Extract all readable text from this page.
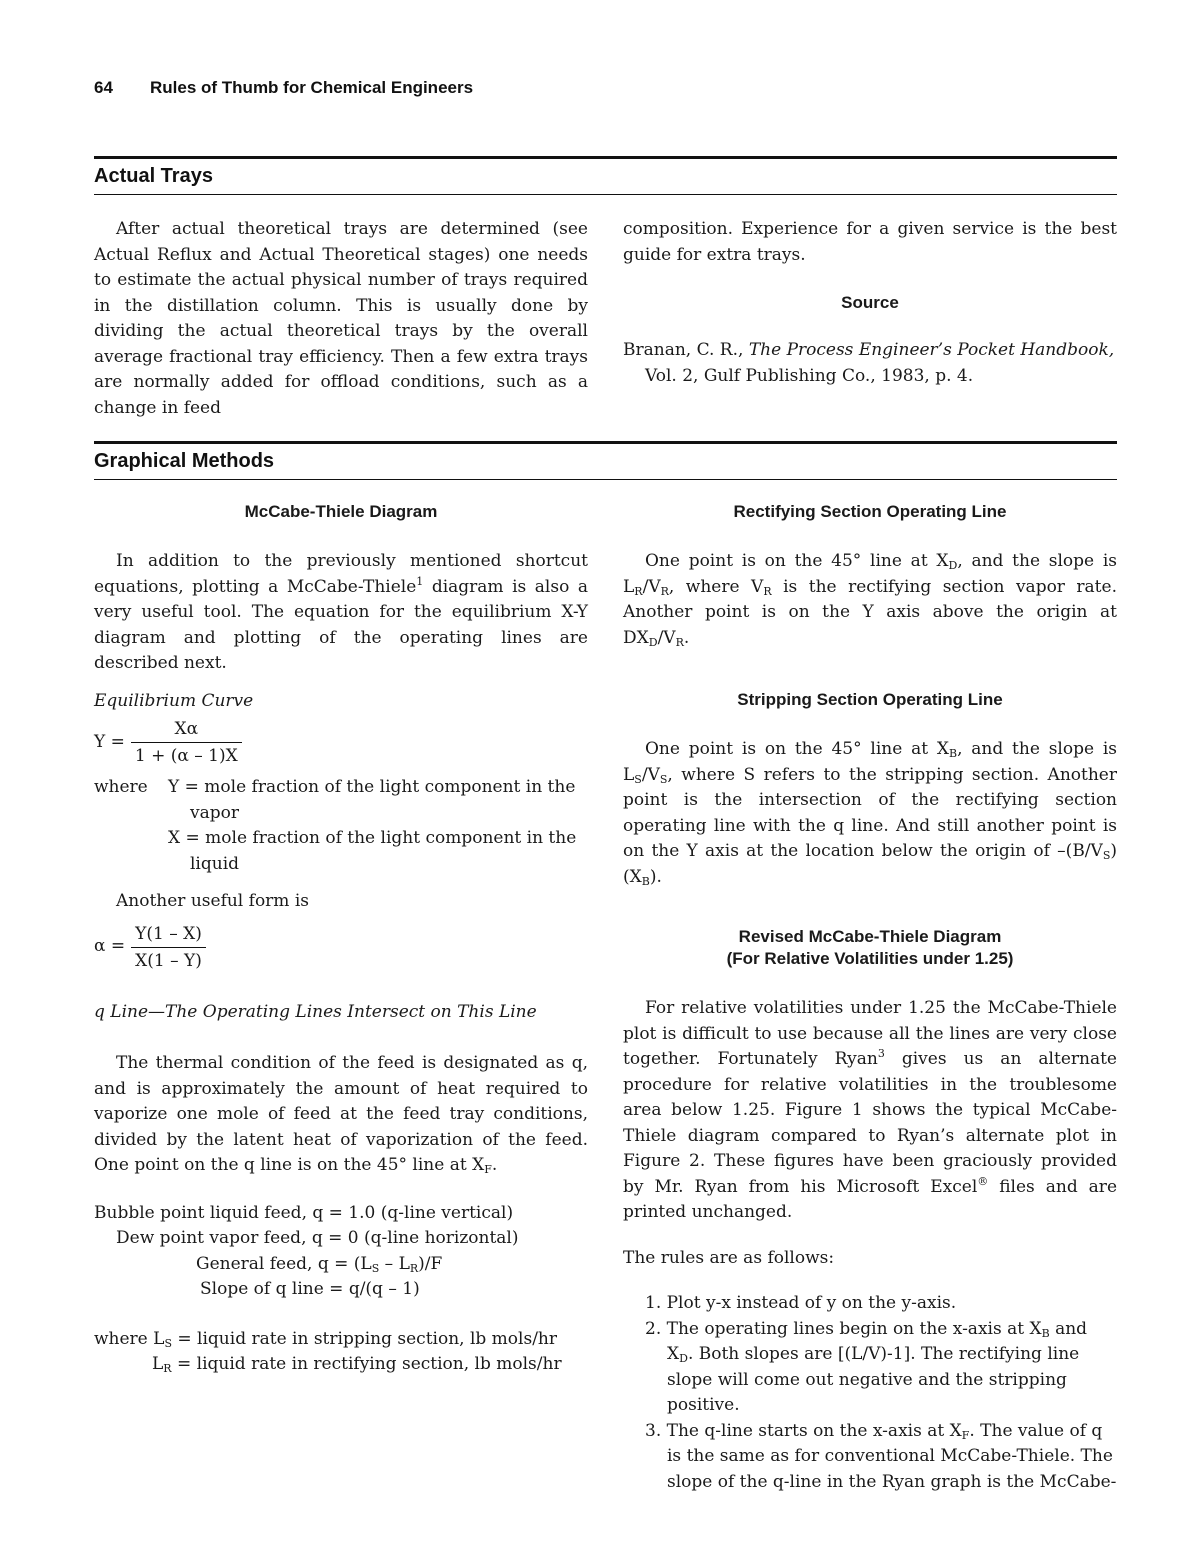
64 Rules of Thumb for Chemical Engineers
Actual Trays

After actual theoretical trays are determined (see Actual Reflux and Actual Theoretical stages) one needs to estimate the actual physical number of trays required in the distillation column. This is usually done by dividing the actual theoretical trays by the overall average fractional tray efficiency. Then a few extra trays are normally added for offload conditions, such as a change in feed

composition. Experience for a given service is the best guide for extra trays.

Source

Branan, C. R., The Process Engineer’s Pocket Handbook,
Vol. 2, Gulf Publishing Co., 1983, p. 4.

Graphical Methods

McCabe-Thiele Diagram

In addition to the previously mentioned shortcut equations, plotting a McCabe-Thiele$^1$ diagram is also a very useful tool. The equation for the equilibrium X-Y diagram and plotting of the operating lines are described next.

Equilibrium Curve

$Y = \frac{X\alpha}{1 + (\alpha - 1)X}$
where	Y = mole fraction of the light component in the vapor
X = mole fraction of the light component in the liquid

Another useful form is

$\alpha = \frac{Y(1 - X)}{X(1 - Y)}$

q Line—The Operating Lines Intersect on This Line

The thermal condition of the feed is designated as q, and is approximately the amount of heat required to vaporize one mole of feed at the feed tray conditions, divided by the latent heat of vaporization of the feed. One point on the q line is on the 45° line at $X_F$.

Bubble point liquid feed, q = 1.0 (q-line vertical)

Dew point vapor feed, q = 0 (q-line horizontal)

General feed, $q = (L_S - L_R)/F$

Slope of q line = q/(q – 1)

where $L_S$ = liquid rate in stripping section, lb mols/hr

$L_R$ = liquid rate in rectifying section, lb mols/hr

Rectifying Section Operating Line

One point is on the 45° line at $X_D$, and the slope is $L_R/V_R$, where $V_R$ is the rectifying section vapor rate. Another point is on the Y axis above the origin at $DX_D/V_R$.

Stripping Section Operating Line

One point is on the 45° line at $X_B$, and the slope is $L_S/V_S$, where S refers to the stripping section. Another point is the intersection of the rectifying section operating line with the q line. And still another point is on the Y axis at the location below the origin of $-(B/V_S)(X_B)$.

Revised McCabe-Thiele Diagram

(For Relative Volatilities under 1.25)

For relative volatilities under 1.25 the McCabe-Thiele plot is difficult to use because all the lines are very close together. Fortunately Ryan$^3$ gives us an alternate procedure for relative volatilities in the troublesome area below 1.25. Figure 1 shows the typical McCabe-Thiele diagram compared to Ryan’s alternate plot in Figure 2. These figures have been graciously provided by Mr. Ryan from his Microsoft Excel® files and are printed unchanged.

The rules are as follows:

1. Plot y-x instead of y on the y-axis.
2. The operating lines begin on the x-axis at $X_B$ and $X_D$. Both slopes are [(L/V)-1]. The rectifying line slope will come out negative and the stripping positive.
3. The q-line starts on the x-axis at $X_F$. The value of q is the same as for conventional McCabe-Thiele. The slope of the q-line in the Ryan graph is the McCabe-
